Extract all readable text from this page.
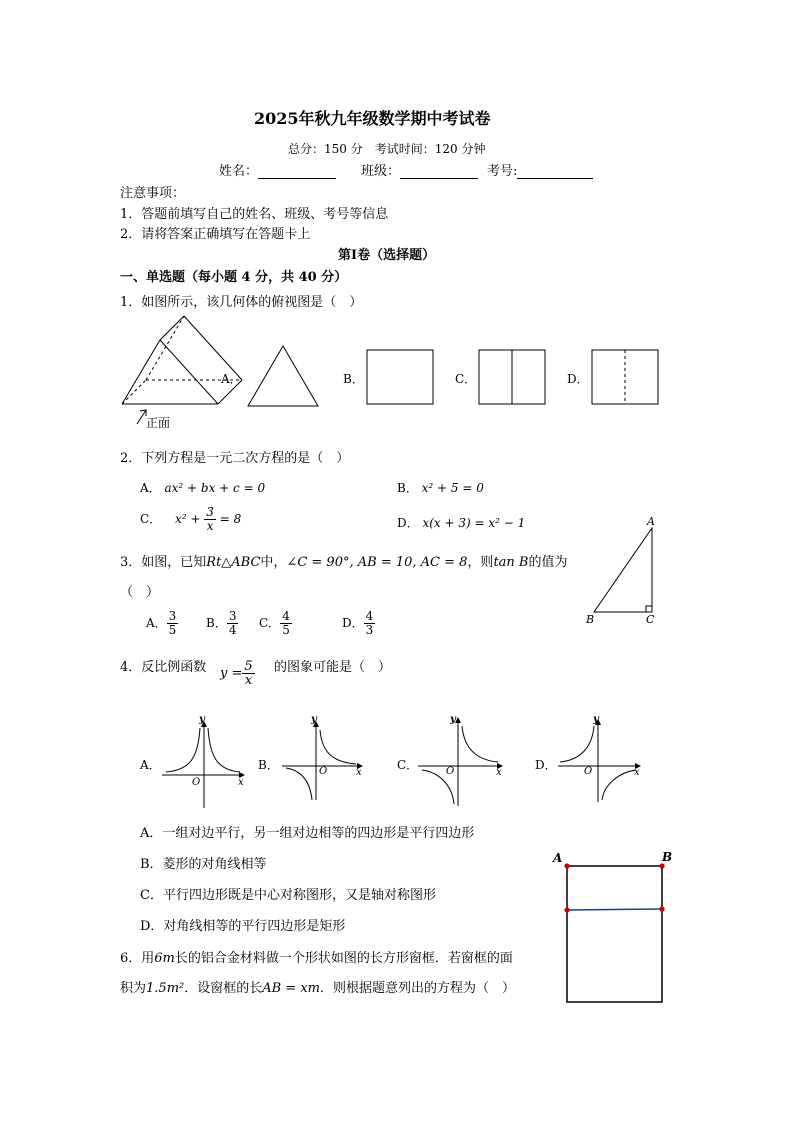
2025年秋九年级数学期中考试卷
总分：150 分　考试时间：120 分钟
姓名：	班级：	考号:
注意事项：
1．答题前填写自己的姓名、班级、考号等信息
2．请将答案正确填写在答题卡上
第Ⅰ卷（选择题）
一、单选题（每小题 4 分，共 40 分）
1．如图所示，该几何体的俯视图是（　）
正面
A．	B．	C．	D．
2．下列方程是一元二次方程的是（　）
A． ax² + bx + c = 0	B． x² + 5 = 0
C． $x^2 + \frac{3}{x} = 8$	D． x(x + 3) = x² − 1
3．如图，已知Rt△ABC中，∠C = 90°, AB = 10, AC = 8，则tan B的值为
（　）
A． $\frac{3}{5}$ B． $\frac{3}{4}$ C． $\frac{4}{5}$	D． $\frac{4}{3}$
A
B	C
4．反比例函数 $y = \frac{5}{x}$ 的图象可能是（　）
A．	B．	C．	D．
y
x
O
y
x
O
y
x
O
y
x
O
A．一组对边平行，另一组对边相等的四边形是平行四边形
B．菱形的对角线相等
C．平行四边形既是中心对称图形，又是轴对称图形
D．对角线相等的平行四边形是矩形
6．用6m长的铝合金材料做一个形状如图的长方形窗框．若窗框的面
积为1.5m²．设窗框的长AB = xm．则根据题意列出的方程为（　）
A	B
